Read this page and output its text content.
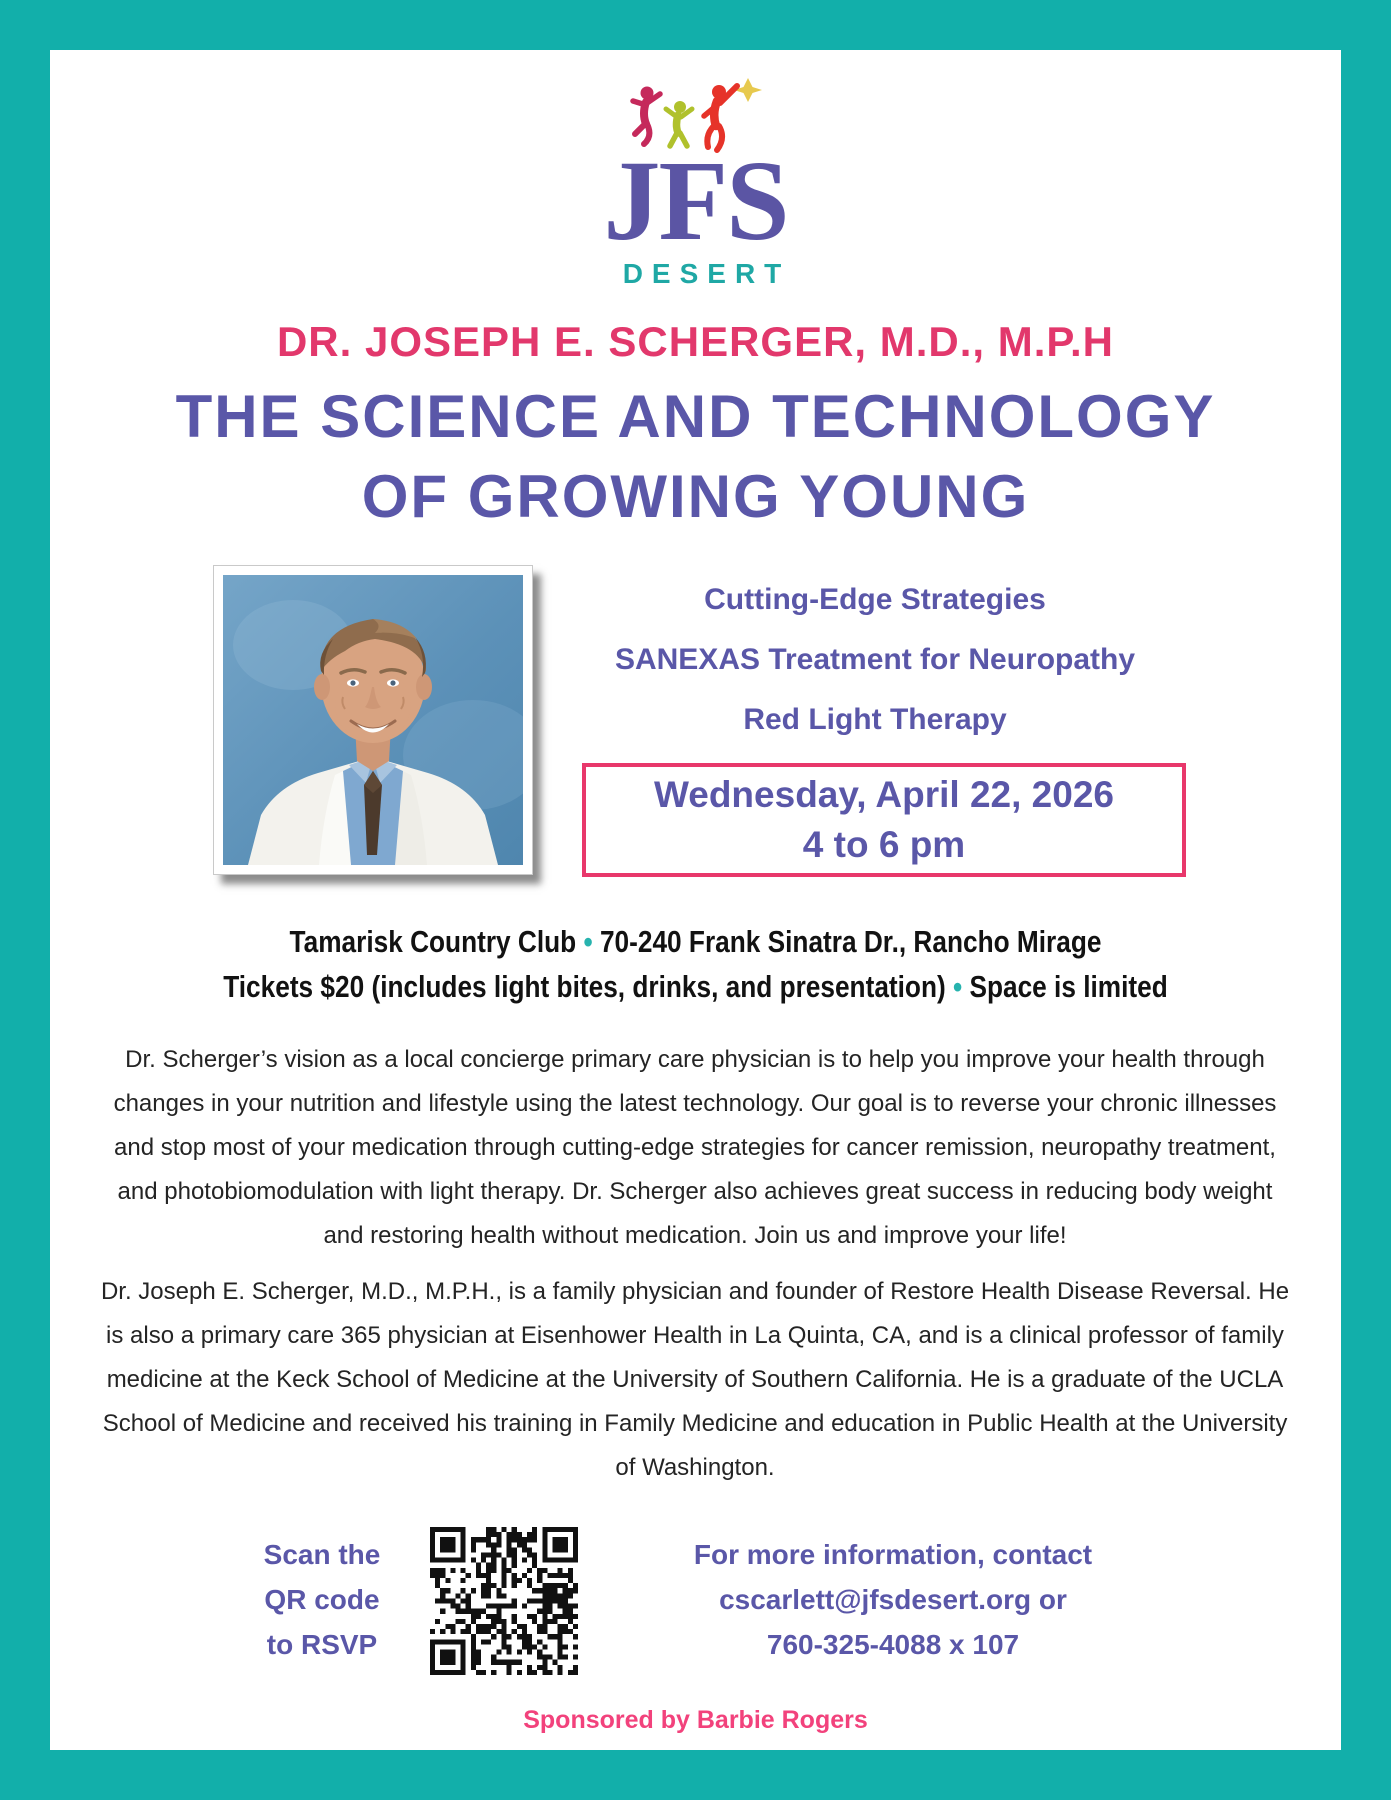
JFS
DESERT
DR. JOSEPH E. SCHERGER, M.D., M.P.H
THE SCIENCE AND TECHNOLOGY
OF GROWING YOUNG
Cutting-Edge Strategies
SANEXAS Treatment for Neuropathy
Red Light Therapy
Wednesday, April 22, 2026
4 to 6 pm
Tamarisk Country Club • 70-240 Frank Sinatra Dr., Rancho Mirage
Tickets $20 (includes light bites, drinks, and presentation) • Space is limited
Dr. Scherger’s vision as a local concierge primary care physician is to help you improve your health through changes in your nutrition and lifestyle using the latest technology. Our goal is to reverse your chronic illnesses and stop most of your medication through cutting-edge strategies for cancer remission, neuropathy treatment, and photobiomodulation with light therapy. Dr. Scherger also achieves great success in reducing body weight and restoring health without medication. Join us and improve your life!
Dr. Joseph E. Scherger, M.D., M.P.H., is a family physician and founder of Restore Health Disease Reversal. He is also a primary care 365 physician at Eisenhower Health in La Quinta, CA, and is a clinical professor of family medicine at the Keck School of Medicine at the University of Southern California. He is a graduate of the UCLA School of Medicine and received his training in Family Medicine and education in Public Health at the University of Washington.
Scan the
QR code
to RSVP
For more information, contact
cscarlett@jfsdesert.org or
760-325-4088 x 107
Sponsored by Barbie Rogers
